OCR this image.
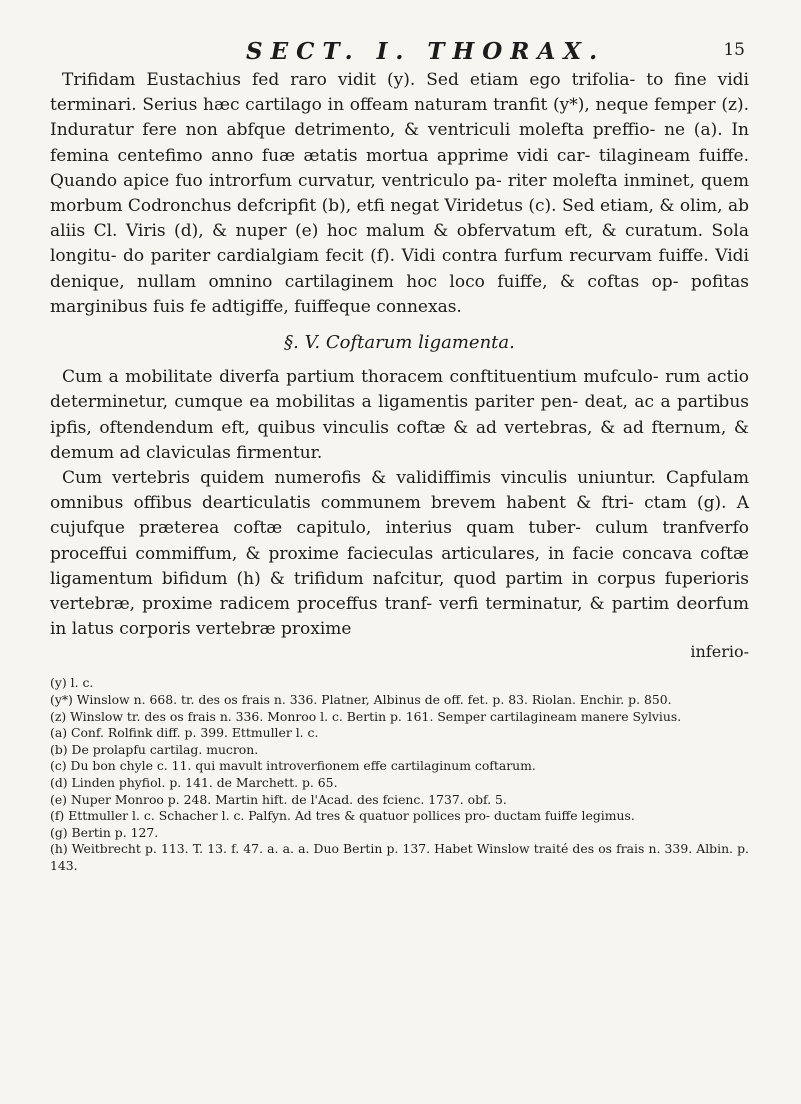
SECT. I. THORAX.	15

Trifidam Eustachius fed raro vidit (y). Sed etiam ego trifolia- to fine vidi terminari. Serius hæc cartilago in offeam naturam tranfit (y*), neque femper (z). Induratur fere non abfque detrimento, & ventriculi molefta preffio- ne (a). In femina centefimo anno fuæ ætatis mortua apprime vidi car- tilagineam fuiffe. Quando apice fuo introrfum curvatur, ventriculo pa- riter molefta inminet, quem morbum Codronchus defcripfit (b), etfi negat Viridetus (c). Sed etiam, & olim, ab aliis Cl. Viris (d), & nuper (e) hoc malum & obfervatum eft, & curatum. Sola longitu- do pariter cardialgiam fecit (f). Vidi contra furfum recurvam fuiffe. Vidi denique, nullam omnino cartilaginem hoc loco fuiffe, & coftas op- pofitas marginibus fuis fe adtigiffe, fuiffeque connexas.

§. V. Coftarum ligamenta.

Cum a mobilitate diverfa partium thoracem conftituentium mufculo- rum actio determinetur, cumque ea mobilitas a ligamentis pariter pen- deat, ac a partibus ipfis, oftendendum eft, quibus vinculis coftæ & ad vertebras, & ad fternum, & demum ad claviculas firmentur.

Cum vertebris quidem numerofis & validiffimis vinculis uniuntur. Capfulam omnibus offibus dearticulatis communem brevem habent & ftri- ctam (g). A cujufque præterea coftæ capitulo, interius quam tuber- culum tranfverfo proceffui commiffum, & proxime facieculas articulares, in facie concava coftæ ligamentum bifidum (h) & trifidum nafcitur, quod partim in corpus fuperioris vertebræ, proxime radicem proceffus tranf- verfi terminatur, & partim deorfum in latus corporis vertebræ proxime

inferio-

(y) l. c.

(y*) Winslow n. 668. tr. des os frais n. 336. Platner, Albinus de off. fet. p. 83. Riolan. Enchir. p. 850.

(z) Winslow tr. des os frais n. 336. Monroo l. c. Bertin p. 161. Semper cartilagineam manere Sylvius.

(a) Conf. Rolfink diff. p. 399. Ettmuller l. c.

(b) De prolapfu cartilag. mucron.

(c) Du bon chyle c. 11. qui mavult introverfionem effe cartilaginum coftarum.

(d) Linden phyfiol. p. 141. de Marchett. p. 65.

(e) Nuper Monroo p. 248. Martin hift. de l'Acad. des fcienc. 1737. obf. 5.

(f) Ettmuller l. c. Schacher l. c. Palfyn. Ad tres & quatuor pollices pro- ductam fuiffe legimus.

(g) Bertin p. 127.

(h) Weitbrecht p. 113. T. 13. f. 47. a. a. a. Duo Bertin p. 137. Habet Winslow traité des os frais n. 339. Albin. p. 143.
